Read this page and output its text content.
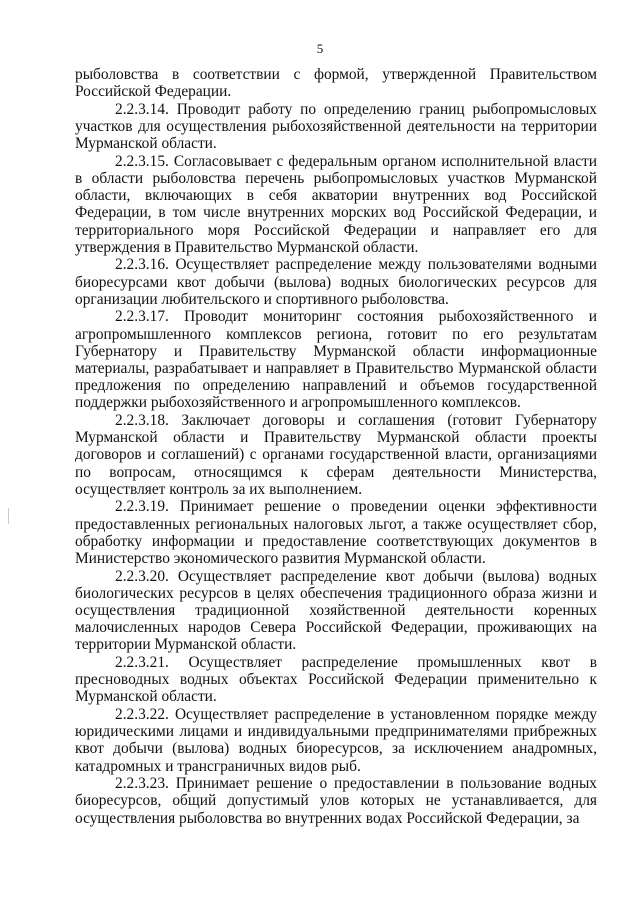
5

рыболовства в соответствии с формой, утвержденной Правительством Российской Федерации.

2.2.3.14. Проводит работу по определению границ рыбопромысловых участков для осуществления рыбохозяйственной деятельности на территории Мурманской области.

2.2.3.15. Согласовывает с федеральным органом исполнительной власти в области рыболовства перечень рыбопромысловых участков Мурманской области, включающих в себя акватории внутренних вод Российской Федерации, в том числе внутренних морских вод Российской Федерации, и территориального моря Российской Федерации и направляет его для утверждения в Правительство Мурманской области.

2.2.3.16. Осуществляет распределение между пользователями водными биоресурсами квот добычи (вылова) водных биологических ресурсов для организации любительского и спортивного рыболовства.

2.2.3.17. Проводит мониторинг состояния рыбохозяйственного и агропромышленного комплексов региона, готовит по его результатам Губернатору и Правительству Мурманской области информационные материалы, разрабатывает и направляет в Правительство Мурманской области предложения по определению направлений и объемов государственной поддержки рыбохозяйственного и агропромышленного комплексов.

2.2.3.18. Заключает договоры и соглашения (готовит Губернатору Мурманской области и Правительству Мурманской области проекты договоров и соглашений) с органами государственной власти, организациями по вопросам, относящимся к сферам деятельности Министерства, осуществляет контроль за их выполнением.

2.2.3.19. Принимает решение о проведении оценки эффективности предоставленных региональных налоговых льгот, а также осуществляет сбор, обработку информации и предоставление соответствующих документов в Министерство экономического развития Мурманской области.

2.2.3.20. Осуществляет распределение квот добычи (вылова) водных биологических ресурсов в целях обеспечения традиционного образа жизни и осуществления традиционной хозяйственной деятельности коренных малочисленных народов Севера Российской Федерации, проживающих на территории Мурманской области.

2.2.3.21. Осуществляет распределение промышленных квот в пресноводных водных объектах Российской Федерации применительно к Мурманской области.

2.2.3.22. Осуществляет распределение в установленном порядке между юридическими лицами и индивидуальными предпринимателями прибрежных квот добычи (вылова) водных биоресурсов, за исключением анадромных, катадромных и трансграничных видов рыб.

2.2.3.23. Принимает решение о предоставлении в пользование водных биоресурсов, общий допустимый улов которых не устанавливается, для осуществления рыболовства во внутренних водах Российской Федерации, за
